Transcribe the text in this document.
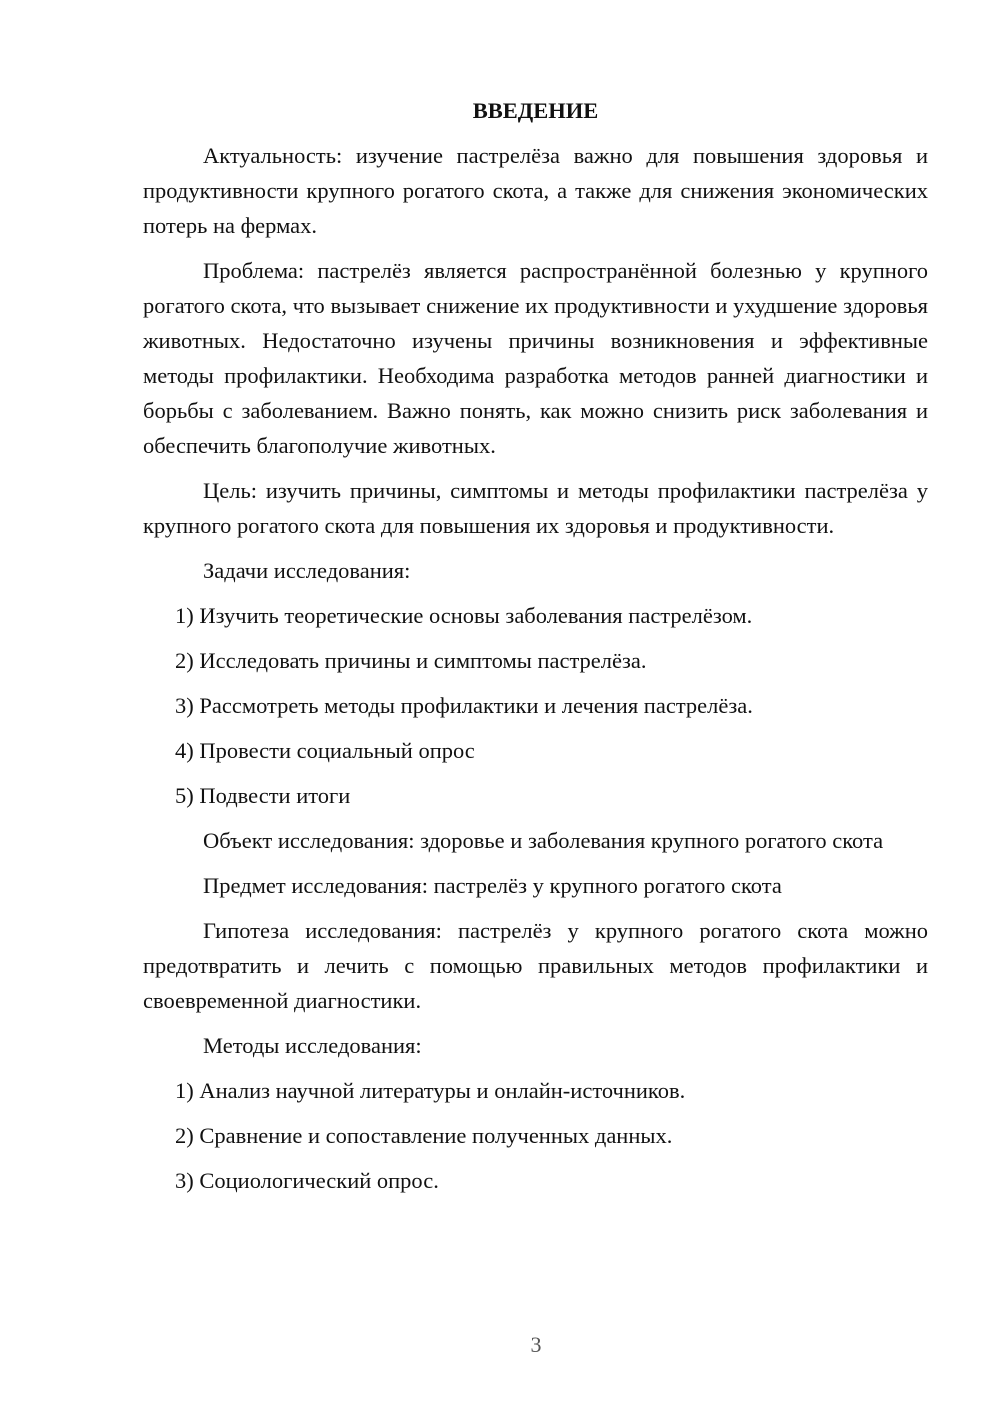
ВВЕДЕНИЕ

Актуальность: изучение пастрелёза важно для повышения здоровья и продуктивности крупного рогатого скота, а также для снижения экономических потерь на фермах.

Проблема: пастрелёз является распространённой болезнью у крупного рогатого скота, что вызывает снижение их продуктивности и ухудшение здоровья животных. Недостаточно изучены причины возникновения и эффективные методы профилактики. Необходима разработка методов ранней диагностики и борьбы с заболеванием. Важно понять, как можно снизить риск заболевания и обеспечить благополучие животных.

Цель: изучить причины, симптомы и методы профилактики пастрелёза у крупного рогатого скота для повышения их здоровья и продуктивности.

Задачи исследования:

1) Изучить теоретические основы заболевания пастрелёзом.

2) Исследовать причины и симптомы пастрелёза.

3) Рассмотреть методы профилактики и лечения пастрелёза.

4) Провести социальный опрос

5) Подвести итоги

Объект исследования: здоровье и заболевания крупного рогатого скота

Предмет исследования: пастрелёз у крупного рогатого скота

Гипотеза исследования: пастрелёз у крупного рогатого скота можно предотвратить и лечить с помощью правильных методов профилактики и своевременной диагностики.

Методы исследования:

1) Анализ научной литературы и онлайн-источников.

2) Сравнение и сопоставление полученных данных.

3) Социологический опрос.

3
